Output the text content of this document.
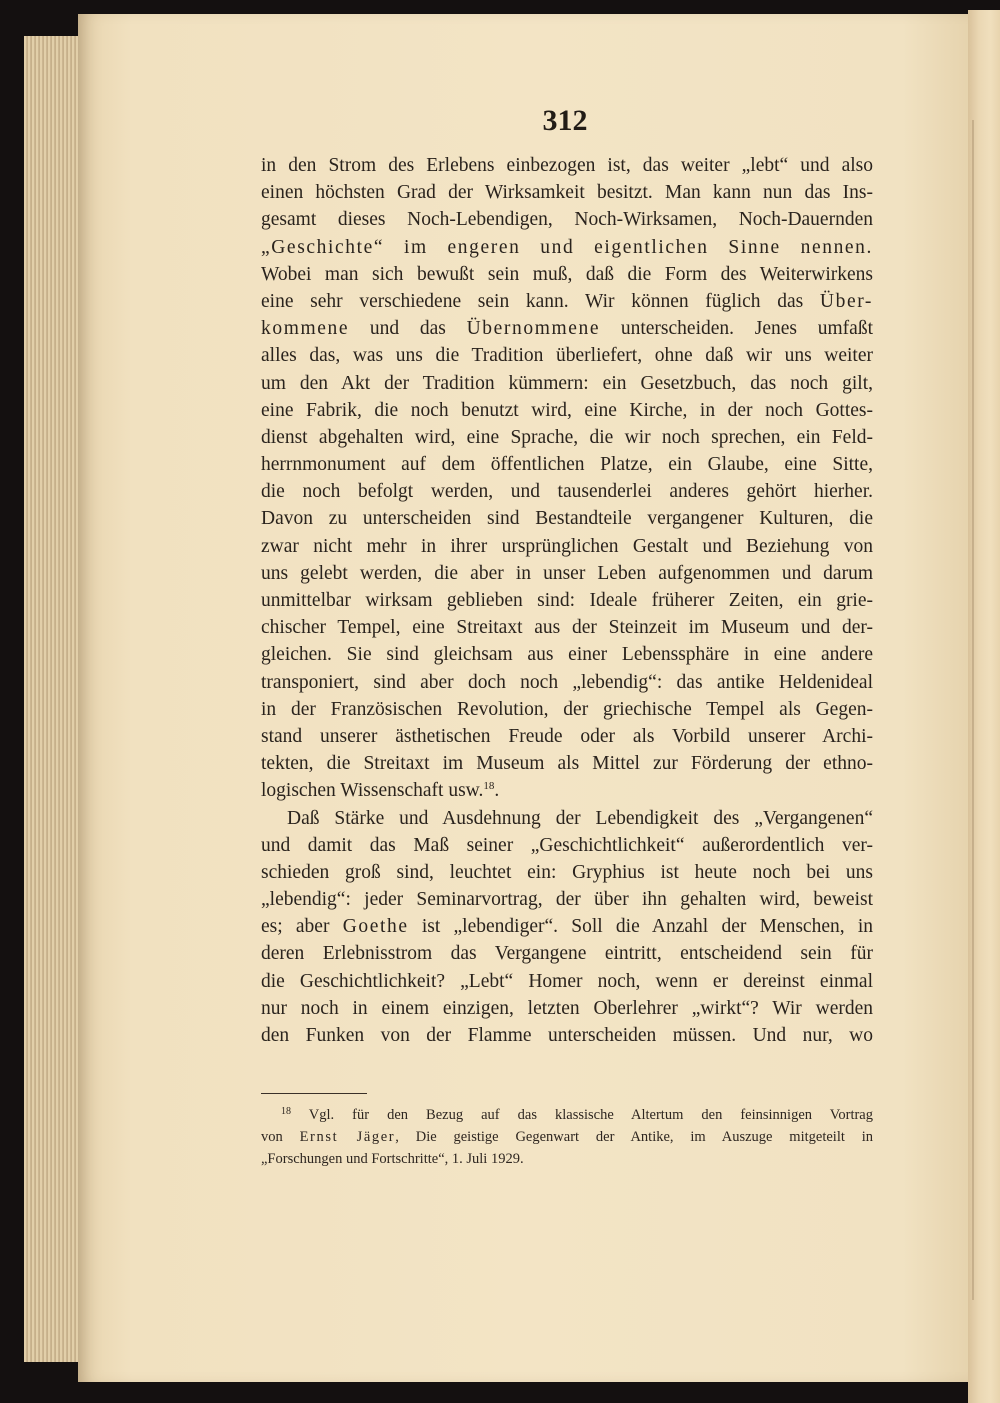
312
in den Strom des Erlebens einbezogen ist, das weiter „lebt“ und also
einen höchsten Grad der Wirksamkeit besitzt. Man kann nun das Ins-
gesamt dieses Noch-Lebendigen, Noch-Wirksamen, Noch-Dauernden
„Geschichte“ im engeren und eigentlichen Sinne nennen.
Wobei man sich bewußt sein muß, daß die Form des Weiterwirkens
eine sehr verschiedene sein kann. Wir können füglich das Über-
kommene und das Übernommene unterscheiden. Jenes umfaßt
alles das, was uns die Tradition überliefert, ohne daß wir uns weiter
um den Akt der Tradition kümmern: ein Gesetzbuch, das noch gilt,
eine Fabrik, die noch benutzt wird, eine Kirche, in der noch Gottes-
dienst abgehalten wird, eine Sprache, die wir noch sprechen, ein Feld-
herrnmonument auf dem öffentlichen Platze, ein Glaube, eine Sitte,
die noch befolgt werden, und tausenderlei anderes gehört hierher.
Davon zu unterscheiden sind Bestandteile vergangener Kulturen, die
zwar nicht mehr in ihrer ursprünglichen Gestalt und Beziehung von
uns gelebt werden, die aber in unser Leben aufgenommen und darum
unmittelbar wirksam geblieben sind: Ideale früherer Zeiten, ein grie-
chischer Tempel, eine Streitaxt aus der Steinzeit im Museum und der-
gleichen. Sie sind gleichsam aus einer Lebenssphäre in eine andere
transponiert, sind aber doch noch „lebendig“: das antike Heldenideal
in der Französischen Revolution, der griechische Tempel als Gegen-
stand unserer ästhetischen Freude oder als Vorbild unserer Archi-
tekten, die Streitaxt im Museum als Mittel zur Förderung der ethno-
logischen Wissenschaft usw.$^{18}$.
Daß Stärke und Ausdehnung der Lebendigkeit des „Vergangenen“
und damit das Maß seiner „Geschichtlichkeit“ außerordentlich ver-
schieden groß sind, leuchtet ein: Gryphius ist heute noch bei uns
„lebendig“: jeder Seminarvortrag, der über ihn gehalten wird, beweist
es; aber Goethe ist „lebendiger“. Soll die Anzahl der Menschen, in
deren Erlebnisstrom das Vergangene eintritt, entscheidend sein für
die Geschichtlichkeit? „Lebt“ Homer noch, wenn er dereinst einmal
nur noch in einem einzigen, letzten Oberlehrer „wirkt“? Wir werden
den Funken von der Flamme unterscheiden müssen. Und nur, wo
$^{18}$ Vgl. für den Bezug auf das klassische Altertum den feinsinnigen Vortrag
von Ernst Jäger, Die geistige Gegenwart der Antike, im Auszuge mitgeteilt in
„Forschungen und Fortschritte“, 1. Juli 1929.
